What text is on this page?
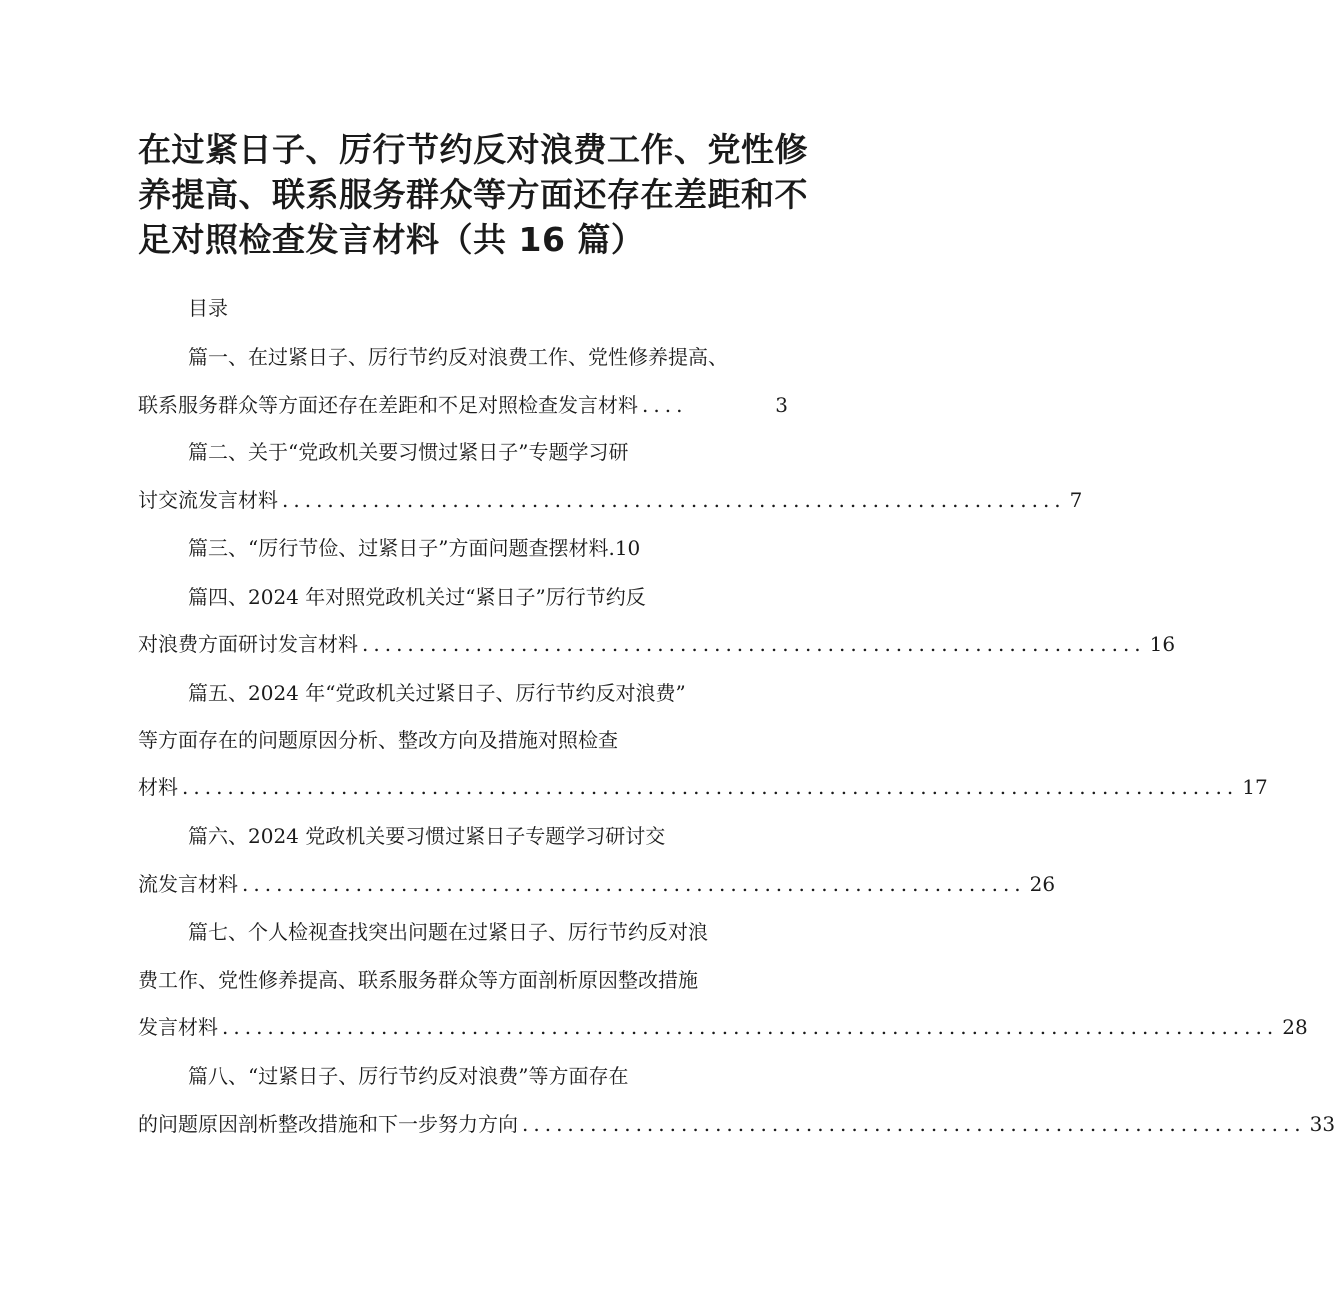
在过紧日子、厉行节约反对浪费工作、党性修
养提高、联系服务群众等方面还存在差距和不
足对照检查发言材料（共 16 篇）
目录
篇一、在过紧日子、厉行节约反对浪费工作、党性修养提高、
联系服务群众等方面还存在差距和不足对照检查发言材料 ....	3
篇二、关于“党政机关要习惯过紧日子”专题学习研
讨交流发言材料 ..................................................................... 7
篇三、“厉行节俭、过紧日子”方面问题查摆材料 . 10
篇四、2024 年对照党政机关过“紧日子”厉行节约反
对浪费方面研讨发言材料 ..................................................................... 16
篇五、2024 年“党政机关过紧日子、厉行节约反对浪费”
等方面存在的问题原因分析、整改方向及措施对照检查
材料 ............................................................................................. 17
篇六、2024 党政机关要习惯过紧日子专题学习研讨交
流发言材料 ..................................................................... 26
篇七、个人检视查找突出问题在过紧日子、厉行节约反对浪
费工作、党性修养提高、联系服务群众等方面剖析原因整改措施
发言材料 ............................................................................................. 28
篇八、“过紧日子、厉行节约反对浪费”等方面存在
的问题原因剖析整改措施和下一步努力方向 ..................................................................... 33
